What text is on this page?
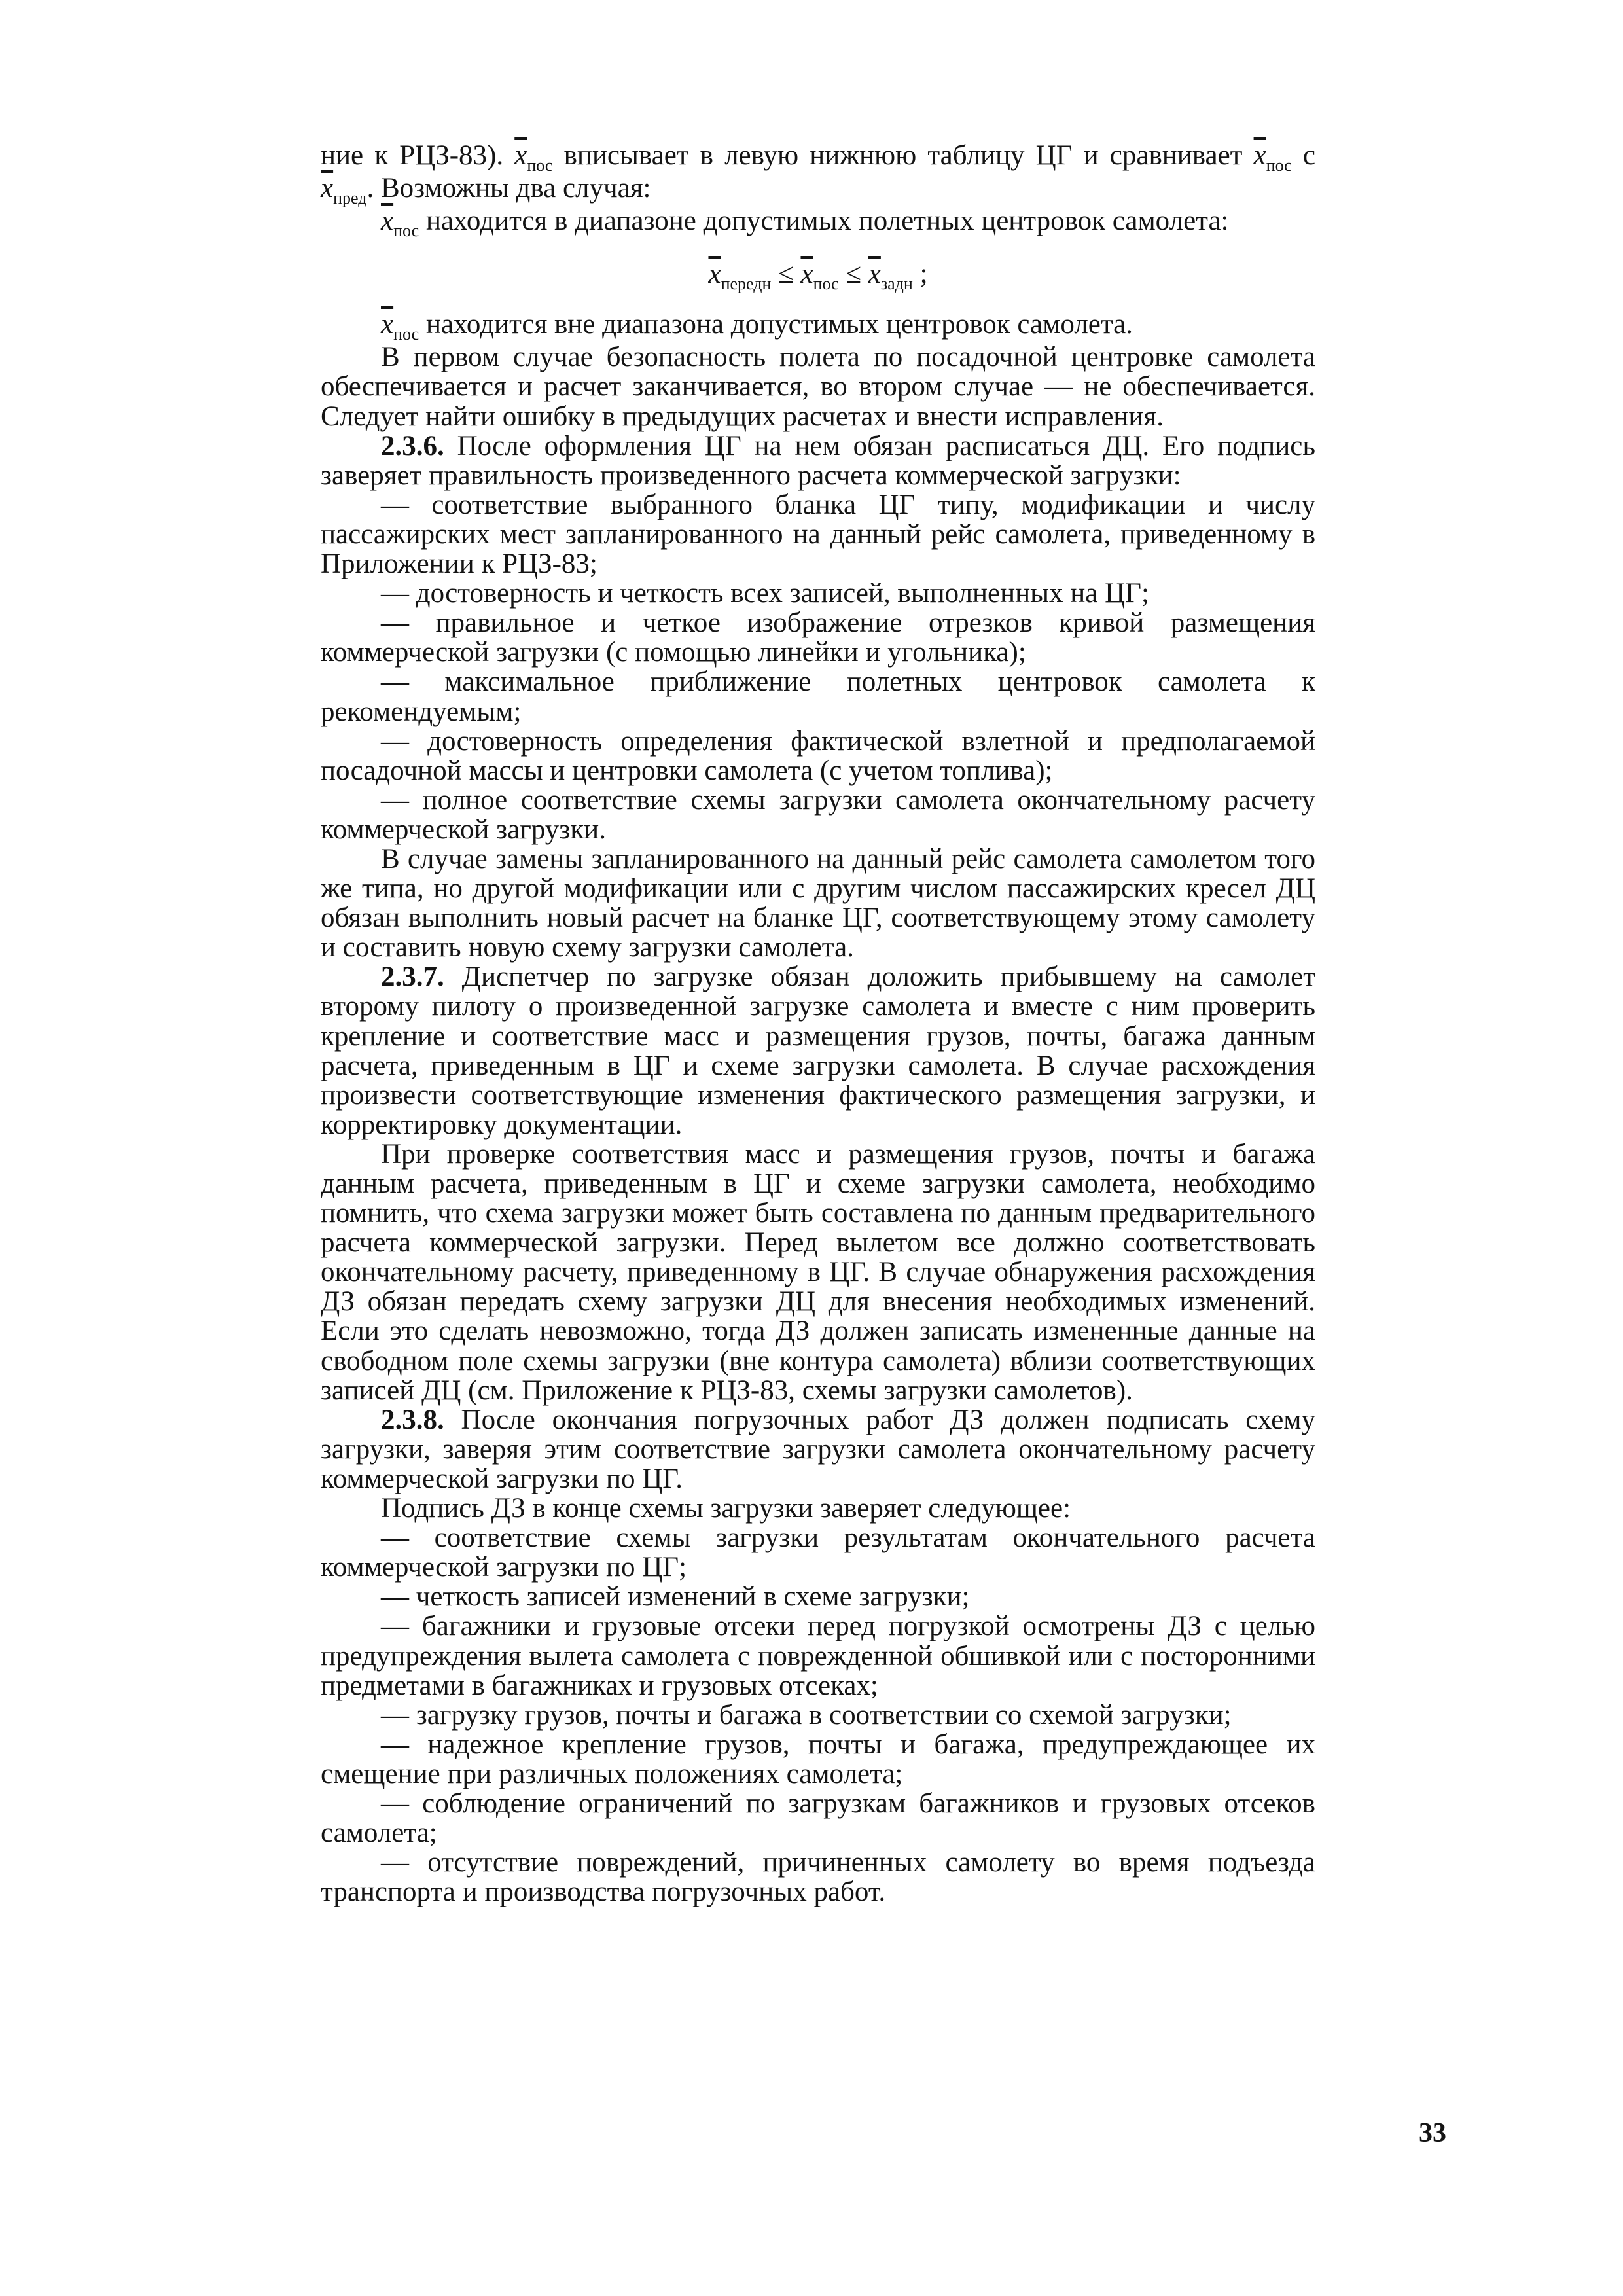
ние к РЦЗ-83). $\overline{x}_{пос}$ вписывает в левую нижнюю таблицу ЦГ и сравнивает $\overline{x}_{пос}$ с $\overline{x}_{пред}$. Возможны два случая:

$\overline{x}_{пос}$ находится в диапазоне допустимых полетных центровок самолета:

$\overline{x}_{передн} \le \overline{x}_{пос} \le \overline{x}_{задн}$ ;

$\overline{x}_{пос}$ находится вне диапазона допустимых центровок самолета.

В первом случае безопасность полета по посадочной центровке самолета обеспечивается и расчет заканчивается, во втором случае — не обеспечивается. Следует найти ошибку в предыдущих расчетах и внести исправления.

2.3.6. После оформления ЦГ на нем обязан расписаться ДЦ. Его подпись заверяет правильность произведенного расчета коммерческой загрузки:

— соответствие выбранного бланка ЦГ типу, модификации и числу пассажирских мест запланированного на данный рейс самолета, приведенному в Приложении к РЦЗ-83;

— достоверность и четкость всех записей, выполненных на ЦГ;

— правильное и четкое изображение отрезков кривой размещения коммерческой загрузки (с помощью линейки и угольника);

— максимальное приближение полетных центровок самолета к рекомендуемым;

— достоверность определения фактической взлетной и предполагаемой посадочной массы и центровки самолета (с учетом топлива);

— полное соответствие схемы загрузки самолета окончательному расчету коммерческой загрузки.

В случае замены запланированного на данный рейс самолета самолетом того же типа, но другой модификации или с другим числом пассажирских кресел ДЦ обязан выполнить новый расчет на бланке ЦГ, соответствующему этому самолету и составить новую схему загрузки самолета.

2.3.7. Диспетчер по загрузке обязан доложить прибывшему на самолет второму пилоту о произведенной загрузке самолета и вместе с ним проверить крепление и соответствие масс и размещения грузов, почты, багажа данным расчета, приведенным в ЦГ и схеме загрузки самолета. В случае расхождения произвести соответствующие изменения фактического размещения загрузки, и корректировку документации.

При проверке соответствия масс и размещения грузов, почты и багажа данным расчета, приведенным в ЦГ и схеме загрузки самолета, необходимо помнить, что схема загрузки может быть составлена по данным предварительного расчета коммерческой загрузки. Перед вылетом все должно соответствовать окончательному расчету, приведенному в ЦГ. В случае обнаружения расхождения ДЗ обязан передать схему загрузки ДЦ для внесения необходимых изменений. Если это сделать невозможно, тогда ДЗ должен записать измененные данные на свободном поле схемы загрузки (вне контура самолета) вблизи соответствующих записей ДЦ (см. Приложение к РЦЗ-83, схемы загрузки самолетов).

2.3.8. После окончания погрузочных работ ДЗ должен подписать схему загрузки, заверяя этим соответствие загрузки самолета окончательному расчету коммерческой загрузки по ЦГ.

Подпись ДЗ в конце схемы загрузки заверяет следующее:

— соответствие схемы загрузки результатам окончательного расчета коммерческой загрузки по ЦГ;

— четкость записей изменений в схеме загрузки;

— багажники и грузовые отсеки перед погрузкой осмотрены ДЗ с целью предупреждения вылета самолета с поврежденной обшивкой или с посторонними предметами в багажниках и грузовых отсеках;

— загрузку грузов, почты и багажа в соответствии со схемой загрузки;

— надежное крепление грузов, почты и багажа, предупреждающее их смещение при различных положениях самолета;

— соблюдение ограничений по загрузкам багажников и грузовых отсеков самолета;

— отсутствие повреждений, причиненных самолету во время подъезда транспорта и производства погрузочных работ.

33
